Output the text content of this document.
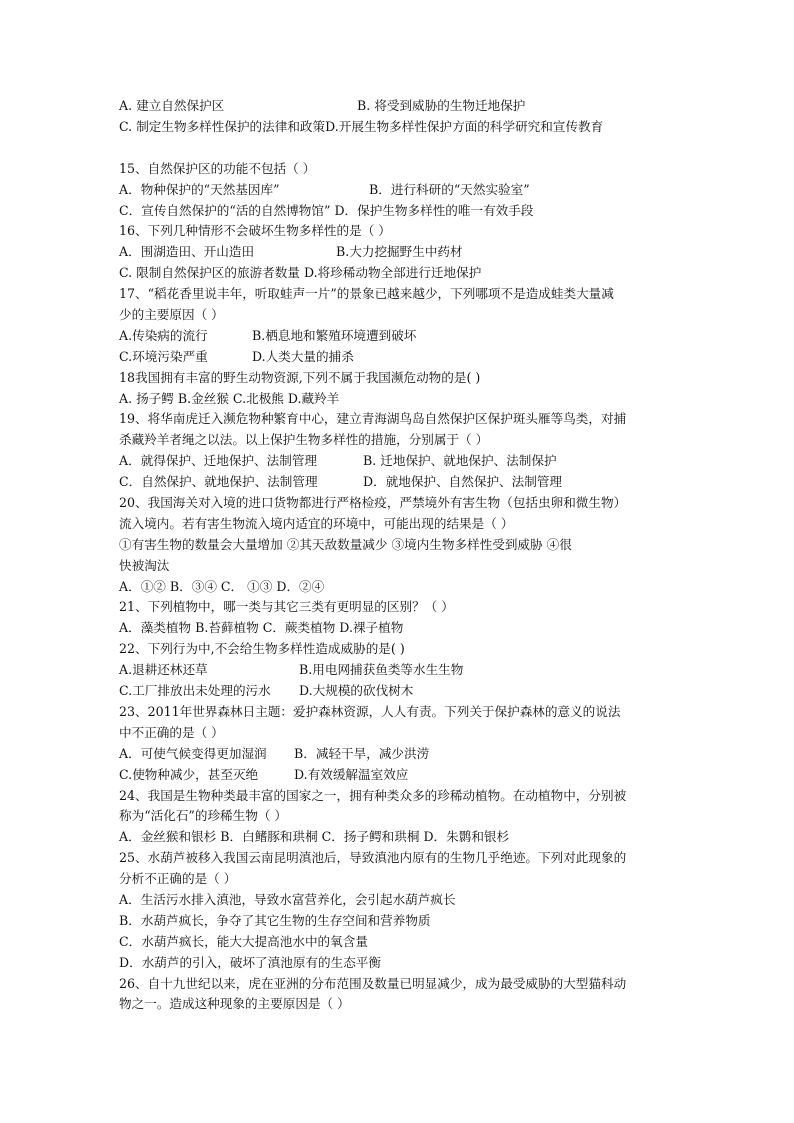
A. 建立自然保护区	B. 将受到威胁的生物迁地保护
C. 制定生物多样性保护的法律和政策D.开展生物多样性保护方面的科学研究和宣传教育
15、自然保护区的功能不包括（ ）
A．物种保护的“天然基因库”	B．进行科研的“天然实验室”
C．宣传自然保护的“活的自然博物馆” D．保护生物多样性的唯一有效手段
16、下列几种情形不会破坏生物多样性的是（ ）
A．围湖造田、开山造田	B.大力挖掘野生中药材
C. 限制自然保护区的旅游者数量 D.将珍稀动物全部进行迁地保护
17、“稻花香里说丰年，听取蛙声一片”的景象已越来越少，下列哪项不是造成蛙类大量减
少的主要原因（ ）
A.传染病的流行	B.栖息地和繁殖环境遭到破坏
C.环境污染严重	D.人类大量的捕杀
18我国拥有丰富的野生动物资源,下列不属于我国濒危动物的是( )
A. 扬子鳄 B.金丝猴 C.北极熊 D.藏羚羊
19、将华南虎迁入濒危物种繁育中心，建立青海湖鸟岛自然保护区保护斑头雁等鸟类，对捕
杀藏羚羊者绳之以法。以上保护生物多样性的措施，分别属于（ ）
A．就得保护、迁地保护、法制管理	B. 迁地保护、就地保护、法制保护
C．自然保护、就地保护、法制管理	D．就地保护、自然保护、法制管理
20、我国海关对入境的进口货物都进行严格检疫，严禁境外有害生物（包括虫卵和微生物）
流入境内。若有害生物流入境内适宜的环境中，可能出现的结果是（ ）
①有害生物的数量会大量增加 ②其天敌数量减少 ③境内生物多样性受到威胁 ④很
快被淘汰
A．①② B．③④ C． ①③ D．②④
21、下列植物中，哪一类与其它三类有更明显的区别？（ ）
A．藻类植物 B.苔藓植物 C．蕨类植物 D.裸子植物
22、下列行为中,不会给生物多样性造成威胁的是( )
A.退耕还林还草	B.用电网捕获鱼类等水生生物
C.工厂排放出未处理的污水 D.大规模的砍伐树木
23、2011年世界森林日主题：爱护森林资源，人人有责。下列关于保护森林的意义的说法
中不正确的是（ ）
A．可使气候变得更加湿润 B．减轻干旱，减少洪涝
C.使物种减少，甚至灭绝	D.有效缓解温室效应
24、我国是生物种类最丰富的国家之一，拥有种类众多的珍稀动植物。在动植物中，分别被
称为“活化石”的珍稀生物（ ）
A．金丝猴和银杉 B．白鳍豚和珙桐 C．扬子鳄和珙桐 D．朱鹮和银杉
25、水葫芦被移入我国云南昆明滇池后，导致滇池内原有的生物几乎绝迹。下列对此现象的
分析不正确的是（ ）
A．生活污水排入滇池，导致水富营养化，会引起水葫芦疯长
B．水葫芦疯长，争夺了其它生物的生存空间和营养物质
C．水葫芦疯长，能大大提高池水中的氧含量
D．水葫芦的引入，破坏了滇池原有的生态平衡
26、自十九世纪以来，虎在亚洲的分布范围及数量已明显减少，成为最受威胁的大型猫科动
物之一。造成这种现象的主要原因是（ ）
